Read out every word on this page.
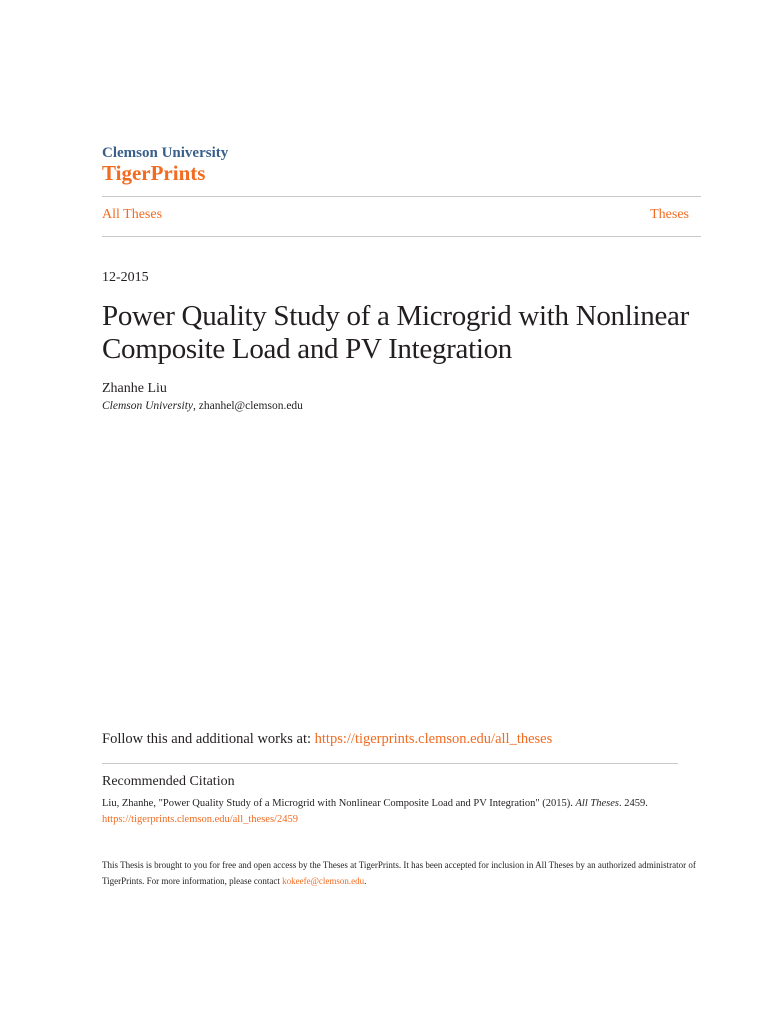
Clemson University
TigerPrints
All Theses	Theses
12-2015
Power Quality Study of a Microgrid with Nonlinear Composite Load and PV Integration
Zhanhe Liu
Clemson University, zhanhel@clemson.edu
Follow this and additional works at: https://tigerprints.clemson.edu/all_theses
Recommended Citation
Liu, Zhanhe, "Power Quality Study of a Microgrid with Nonlinear Composite Load and PV Integration" (2015). All Theses. 2459.
https://tigerprints.clemson.edu/all_theses/2459
This Thesis is brought to you for free and open access by the Theses at TigerPrints. It has been accepted for inclusion in All Theses by an authorized administrator of TigerPrints. For more information, please contact kokeefe@clemson.edu.
